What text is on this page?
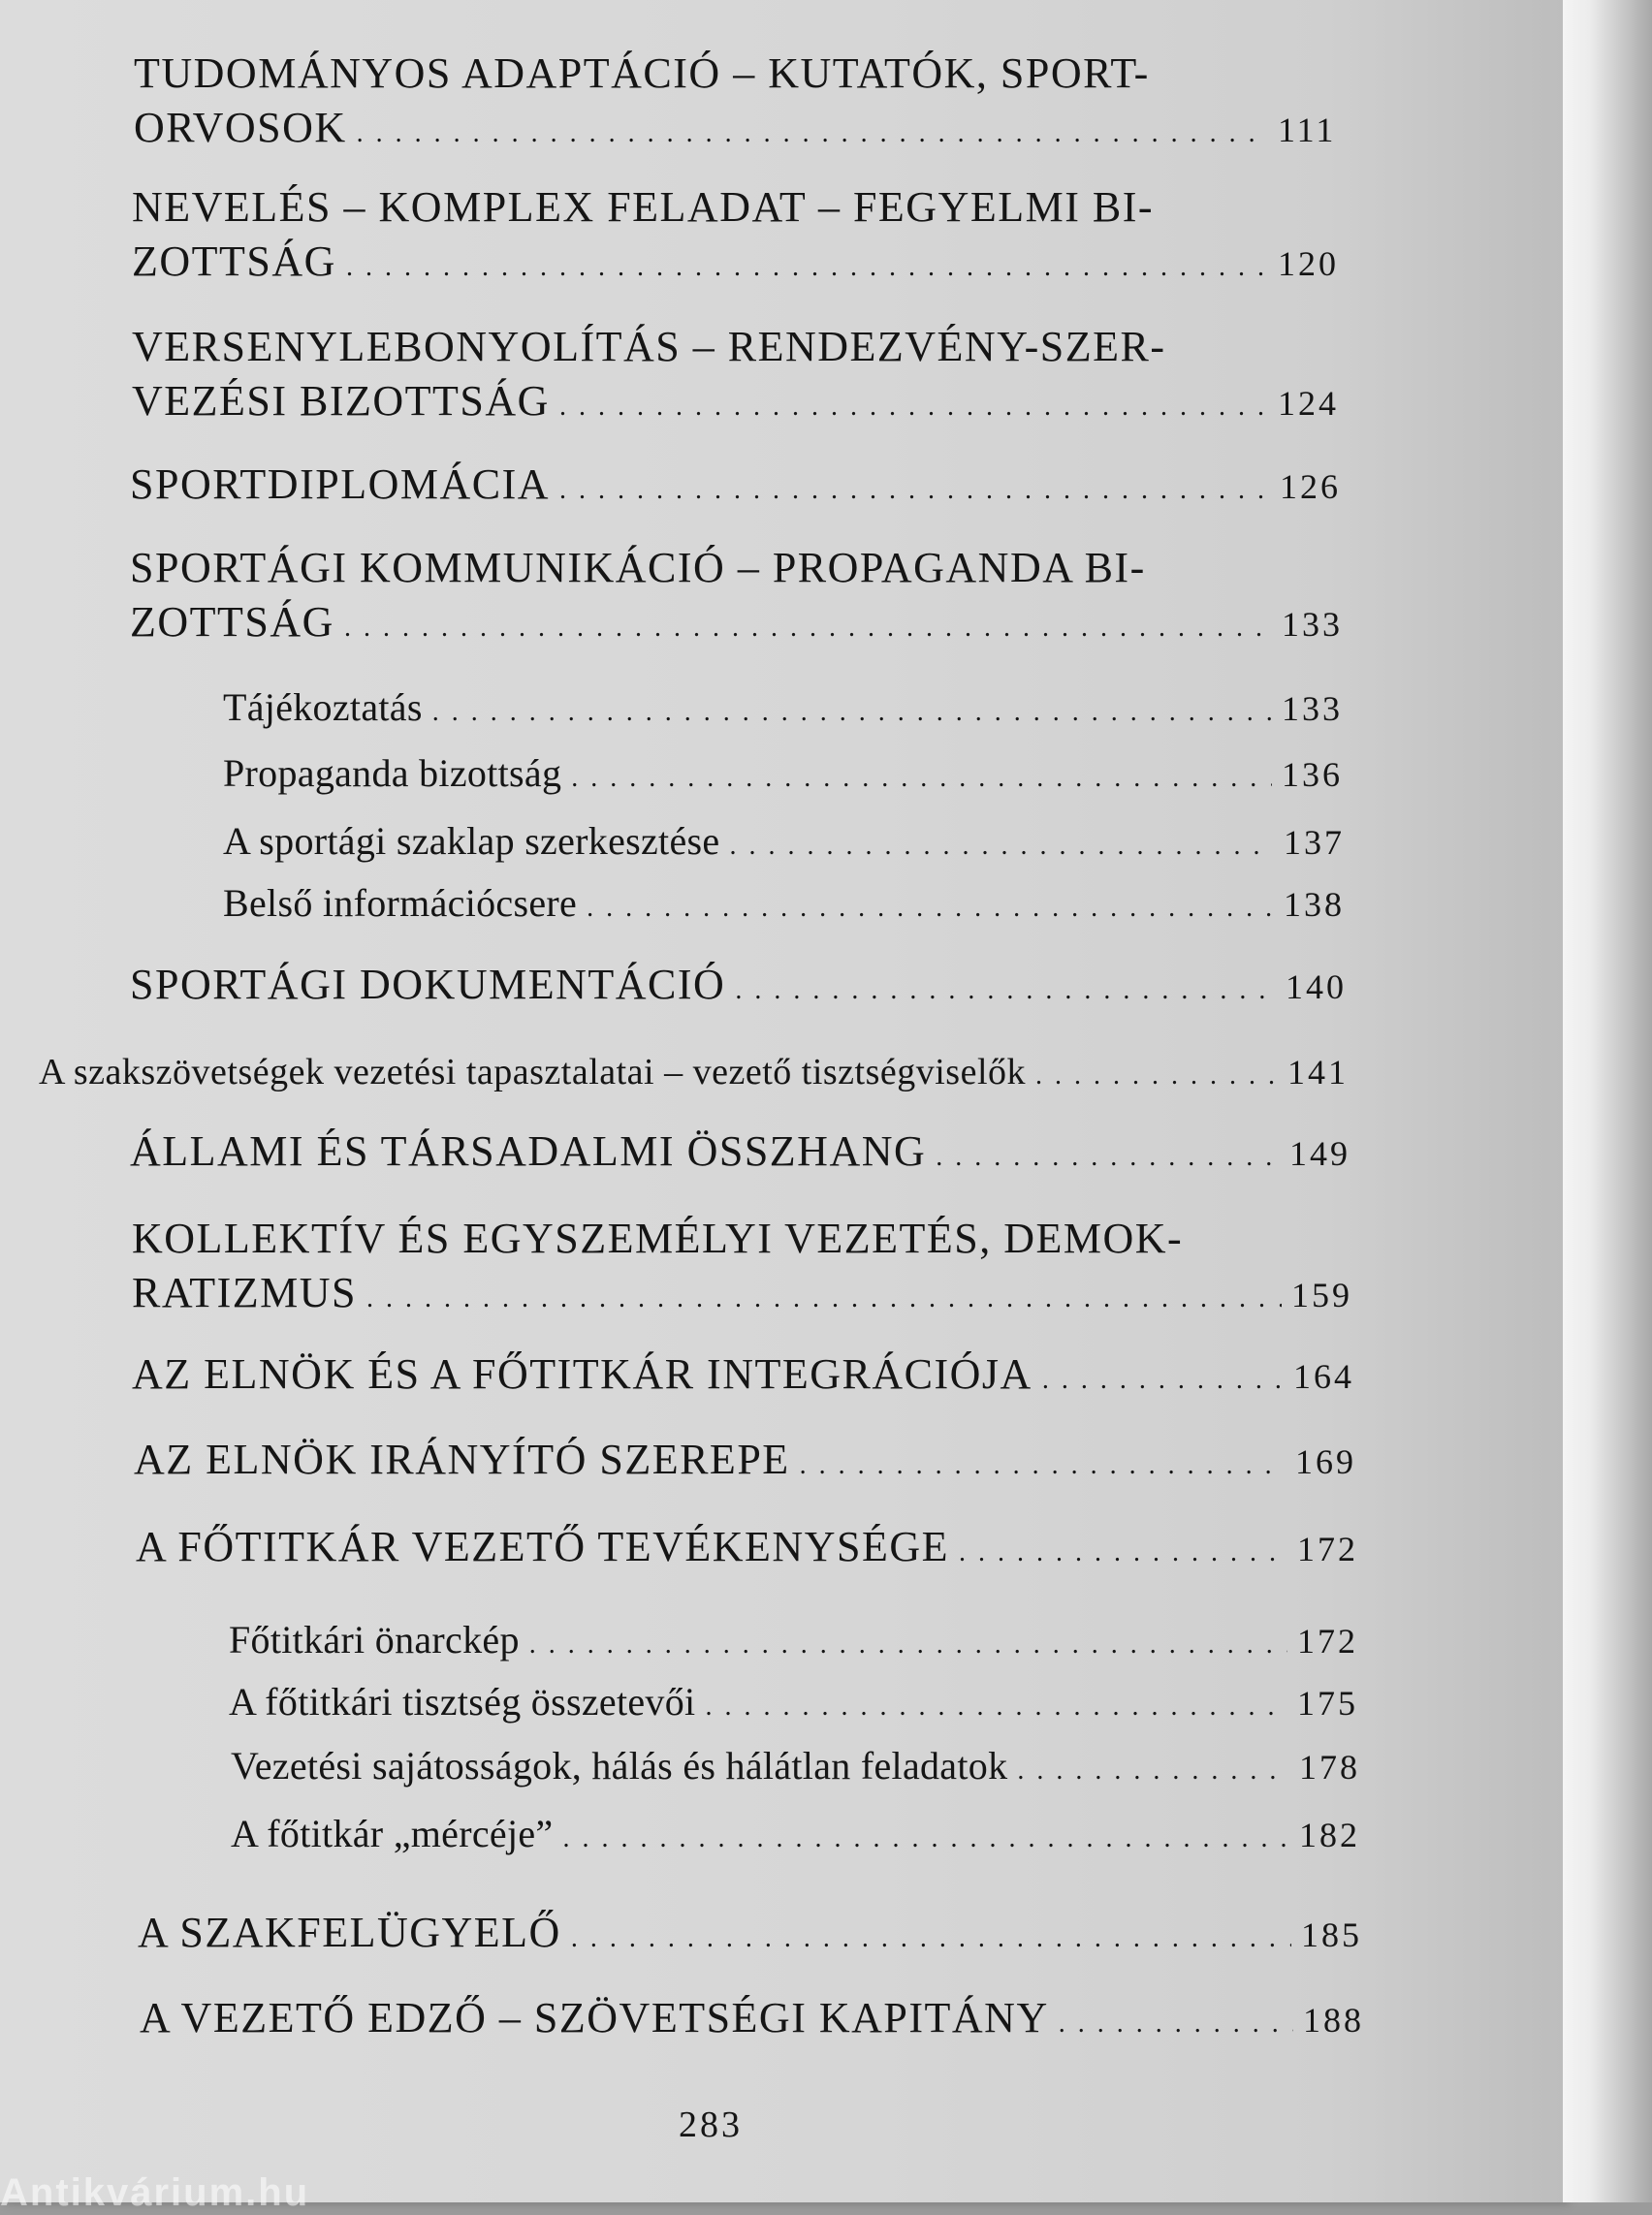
TUDOMÁNYOS ADAPTÁCIÓ – KUTATÓK, SPORT-
ORVOSOK . . .	111
NEVELÉS – KOMPLEX FELADAT – FEGYELMI BI-
ZOTTSÁG . . .	120
VERSENYLEBONYOLÍTÁS – RENDEZVÉNY-SZER-
VEZÉSI BIZOTTSÁG . . .	124
SPORTDIPLOMÁCIA . . .	126
SPORTÁGI KOMMUNIKÁCIÓ – PROPAGANDA BI-
ZOTTSÁG . . .	133
Tájékoztatás . . .	133
Propaganda bizottság . . .	136
A sportági szaklap szerkesztése . . .	137
Belső információcsere . . .	138
SPORTÁGI DOKUMENTÁCIÓ . . .	140
A szakszövetségek vezetési tapasztalatai – vezető tisztségviselők . . .	141
ÁLLAMI ÉS TÁRSADALMI ÖSSZHANG . . .	149
KOLLEKTÍV ÉS EGYSZEMÉLYI VEZETÉS, DEMOK-
RATIZMUS . . .	159
AZ ELNÖK ÉS A FŐTITKÁR INTEGRÁCIÓJA . . .	164
AZ ELNÖK IRÁNYÍTÓ SZEREPE . . .	169
A FŐTITKÁR VEZETŐ TEVÉKENYSÉGE . . .	172
Főtitkári önarckép . . .	172
A főtitkári tisztség összetevői . . .	175
Vezetési sajátosságok, hálás és hálátlan feladatok . . .	178
A főtitkár „mércéje” . . .	182
A SZAKFELÜGYELŐ . . .	185
A VEZETŐ EDZŐ – SZÖVETSÉGI KAPITÁNY . . .	188
283
Antikvárium.hu
